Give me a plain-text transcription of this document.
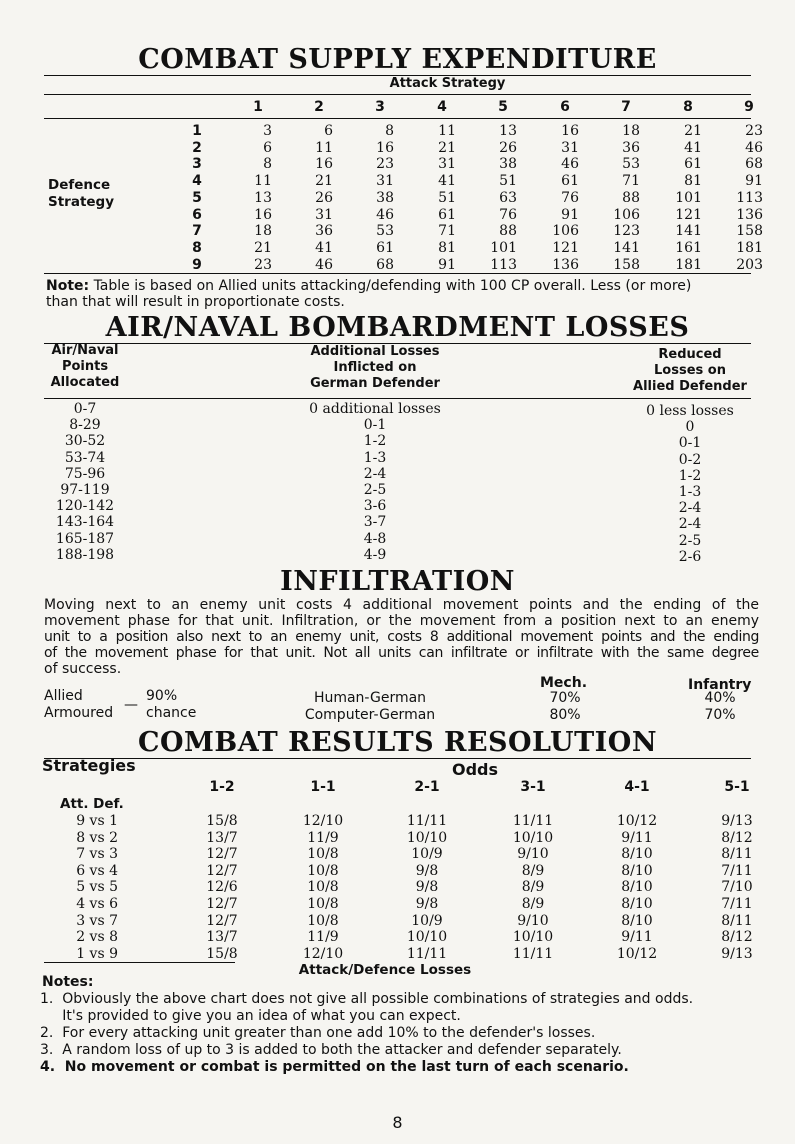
COMBAT SUPPLY EXPENDITURE
Attack Strategy
1	2	3	4	5	6	7	8	9
Defence
Strategy
1	3	6	8	11	13	16	18	21	23
2	6	11	16	21	26	31	36	41	46
3	8	16	23	31	38	46	53	61	68
4	11	21	31	41	51	61	71	81	91
5	13	26	38	51	63	76	88	101	113
6	16	31	46	61	76	91	106	121	136
7	18	36	53	71	88	106	123	141	158
8	21	41	61	81	101	121	141	161	181
9	23	46	68	91	113	136	158	181	203
Note: Table is based on Allied units attacking/defending with 100 CP overall. Less (or more)
than that will result in proportionate costs.
AIR/NAVAL BOMBARDMENT LOSSES
Air/Naval
Points
Allocated
Additional Losses
Inflicted on
German Defender
Reduced
Losses on
Allied Defender
0-7	0 additional losses	0 less losses
8-29	0-1	0
30-52	1-2	0-1
53-74	1-3	0-2
75-96	2-4	1-2
97-119	2-5	1-3
120-142	3-6	2-4
143-164	3-7	2-4
165-187	4-8	2-5
188-198	4-9	2-6
INFILTRATION
Moving next to an enemy unit costs 4 additional movement points and the ending of the
movement phase for that unit. Infiltration, or the movement from a position next to an enemy
unit to a position also next to an enemy unit, costs 8 additional movement points and the ending
of the movement phase for that unit. Not all units can infiltrate or infiltrate with the same degree
of success.
Allied
Armoured —
90%
chance
Mech.	Infantry
Human-German	70%	40%
Computer-German	80%	70%
COMBAT RESULTS RESOLUTION
Strategies	Odds
1-2	1-1	2-1	3-1	4-1	5-1
Att. Def.
9 vs 1	15/8	12/10	11/11	11/11	10/12	9/13
8 vs 2	13/7	11/9	10/10	10/10	9/11	8/12
7 vs 3	12/7	10/8	10/9	9/10	8/10	8/11
6 vs 4	12/7	10/8	9/8	8/9	8/10	7/11
5 vs 5	12/6	10/8	9/8	8/9	8/10	7/10
4 vs 6	12/7	10/8	9/8	8/9	8/10	7/11
3 vs 7	12/7	10/8	10/9	9/10	8/10	8/11
2 vs 8	13/7	11/9	10/10	10/10	9/11	8/12
1 vs 9	15/8	12/10	11/11	11/11	10/12	9/13
Attack/Defence Losses
Notes:
1.  Obviously the above chart does not give all possible combinations of strategies and odds.
It's provided to give you an idea of what you can expect.
2.  For every attacking unit greater than one add 10% to the defender's losses.
3.  A random loss of up to 3 is added to both the attacker and defender separately.
4.  No movement or combat is permitted on the last turn of each scenario.
8
